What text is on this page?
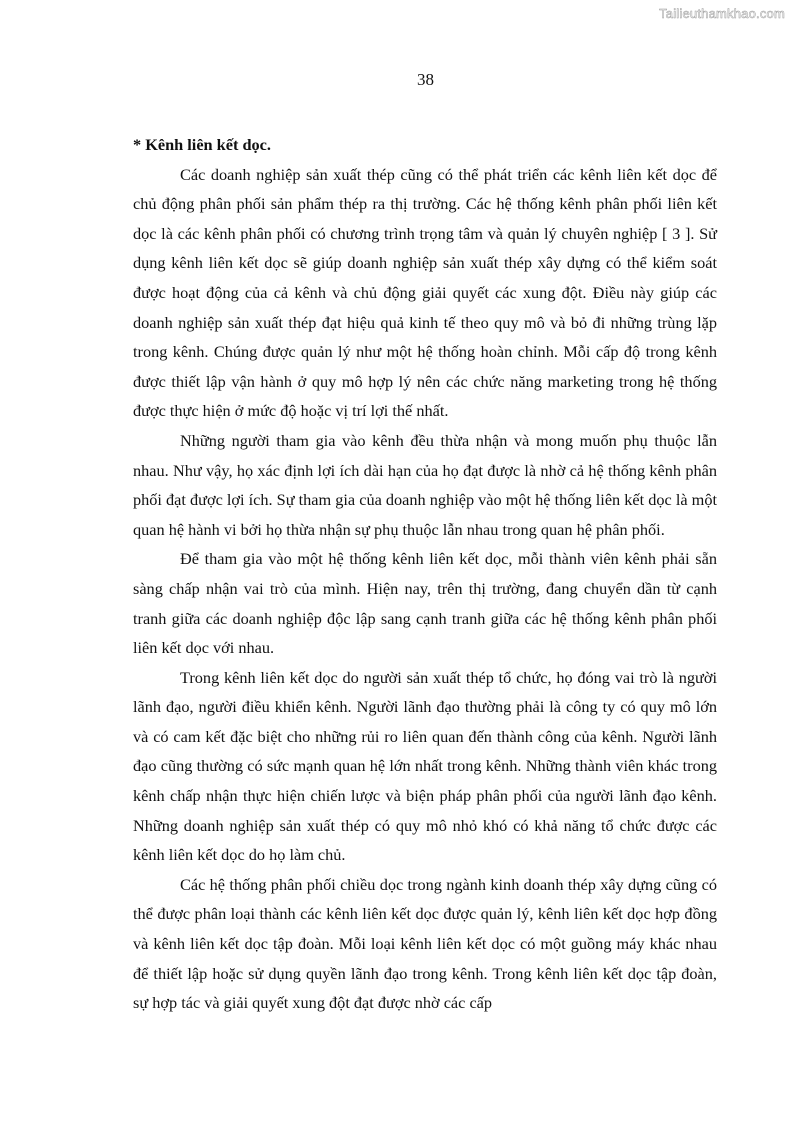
Tailieuthamkhao.com
38

* Kênh liên kết dọc.

Các doanh nghiệp sản xuất thép cũng có thể phát triển các kênh liên kết dọc để chủ động phân phối sản phẩm thép ra thị trường. Các hệ thống kênh phân phối liên kết dọc là các kênh phân phối có chương trình trọng tâm và quản lý chuyên nghiệp [ 3 ]. Sử dụng kênh liên kết dọc sẽ giúp doanh nghiệp sản xuất thép xây dựng có thể kiểm soát được hoạt động của cả kênh và chủ động giải quyết các xung đột. Điều này giúp các doanh nghiệp sản xuất thép đạt hiệu quả kinh tế theo quy mô và bỏ đi những trùng lặp trong kênh. Chúng được quản lý như một hệ thống hoàn chỉnh. Mỗi cấp độ trong kênh được thiết lập vận hành ở quy mô hợp lý nên các chức năng marketing trong hệ thống được thực hiện ở mức độ hoặc vị trí lợi thế nhất.

Những người tham gia vào kênh đều thừa nhận và mong muốn phụ thuộc lẫn nhau. Như vậy, họ xác định lợi ích dài hạn của họ đạt được là nhờ cả hệ thống kênh phân phối đạt được lợi ích. Sự tham gia của doanh nghiệp vào một hệ thống liên kết dọc là một quan hệ hành vi bởi họ thừa nhận sự phụ thuộc lẫn nhau trong quan hệ phân phối.

Để tham gia vào một hệ thống kênh liên kết dọc, mỗi thành viên kênh phải sẵn sàng chấp nhận vai trò của mình. Hiện nay, trên thị trường, đang chuyển dần từ cạnh tranh giữa các doanh nghiệp độc lập sang cạnh tranh giữa các hệ thống kênh phân phối liên kết dọc với nhau.

Trong kênh liên kết dọc do người sản xuất thép tổ chức, họ đóng vai trò là người lãnh đạo, người điều khiển kênh. Người lãnh đạo thường phải là công ty có quy mô lớn và có cam kết đặc biệt cho những rủi ro liên quan đến thành công của kênh. Người lãnh đạo cũng thường có sức mạnh quan hệ lớn nhất trong kênh. Những thành viên khác trong kênh chấp nhận thực hiện chiến lược và biện pháp phân phối của người lãnh đạo kênh. Những doanh nghiệp sản xuất thép có quy mô nhỏ khó có khả năng tổ chức được các kênh liên kết dọc do họ làm chủ.

Các hệ thống phân phối chiều dọc trong ngành kinh doanh thép xây dựng cũng có thể được phân loại thành các kênh liên kết dọc được quản lý, kênh liên kết dọc hợp đồng và kênh liên kết dọc tập đoàn. Mỗi loại kênh liên kết dọc có một guồng máy khác nhau để thiết lập hoặc sử dụng quyền lãnh đạo trong kênh. Trong kênh liên kết dọc tập đoàn, sự hợp tác và giải quyết xung đột đạt được nhờ các cấp
